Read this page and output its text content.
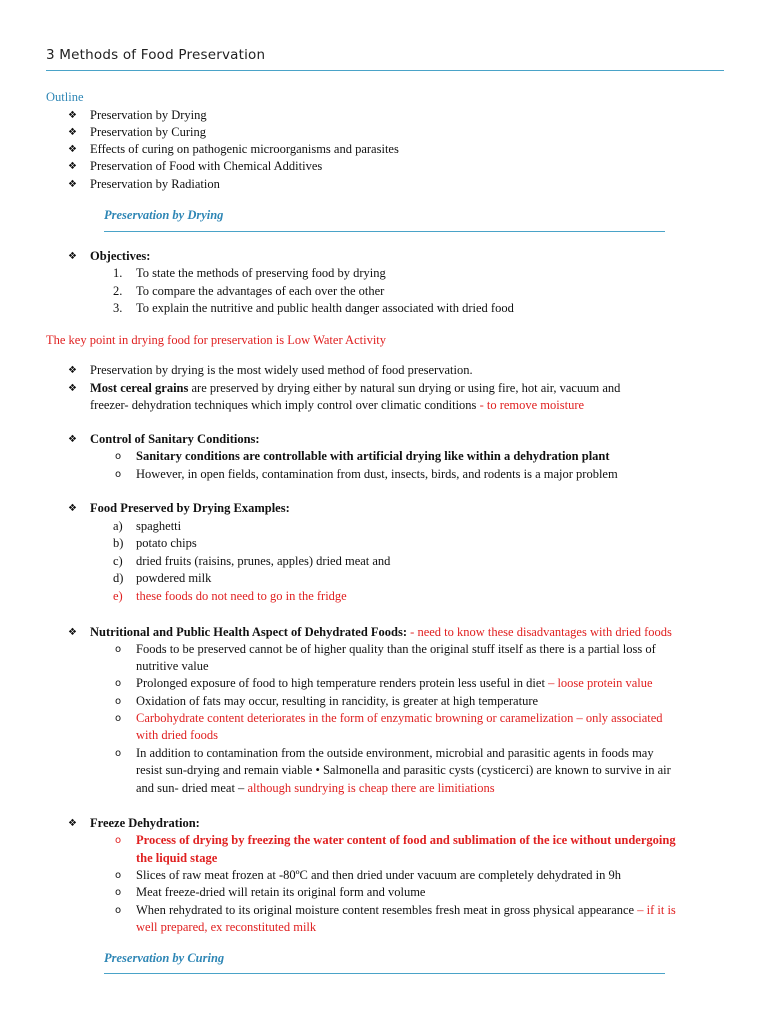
3 Methods of Food Preservation
Outline
❖ Preservation by Drying
❖ Preservation by Curing
❖ Effects of curing on pathogenic microorganisms and parasites
❖ Preservation of Food with Chemical Additives
❖ Preservation by Radiation
Preservation by Drying
❖ Objectives:
1. To state the methods of preserving food by drying
2. To compare the advantages of each over the other
3. To explain the nutritive and public health danger associated with dried food
The key point in drying food for preservation is Low Water Activity
❖ Preservation by drying is the most widely used method of food preservation.
❖ Most cereal grains are preserved by drying either by natural sun drying or using fire, hot air, vacuum and
freezer- dehydration techniques which imply control over climatic conditions - to remove moisture
❖ Control of Sanitary Conditions:
o Sanitary conditions are controllable with artificial drying like within a dehydration plant
o However, in open fields, contamination from dust, insects, birds, and rodents is a major problem
❖ Food Preserved by Drying Examples:
a) spaghetti
b) potato chips
c) dried fruits (raisins, prunes, apples) dried meat and
d) powdered milk
e) these foods do not need to go in the fridge
❖ Nutritional and Public Health Aspect of Dehydrated Foods: - need to know these disadvantages with dried foods
o Foods to be preserved cannot be of higher quality than the original stuff itself as there is a partial loss of
nutritive value
o Prolonged exposure of food to high temperature renders protein less useful in diet – loose protein value
o Oxidation of fats may occur, resulting in rancidity, is greater at high temperature
o Carbohydrate content deteriorates in the form of enzymatic browning or caramelization – only associated
with dried foods
o In addition to contamination from the outside environment, microbial and parasitic agents in foods may
resist sun-drying and remain viable • Salmonella and parasitic cysts (cysticerci) are known to survive in air
and sun- dried meat – although sundrying is cheap there are limitiations
❖ Freeze Dehydration:
o Process of drying by freezing the water content of food and sublimation of the ice without undergoing
the liquid stage
o Slices of raw meat frozen at -80ºC and then dried under vacuum are completely dehydrated in 9h
o Meat freeze-dried will retain its original form and volume
o When rehydrated to its original moisture content resembles fresh meat in gross physical appearance – if it is
well prepared, ex reconstituted milk
Preservation by Curing
